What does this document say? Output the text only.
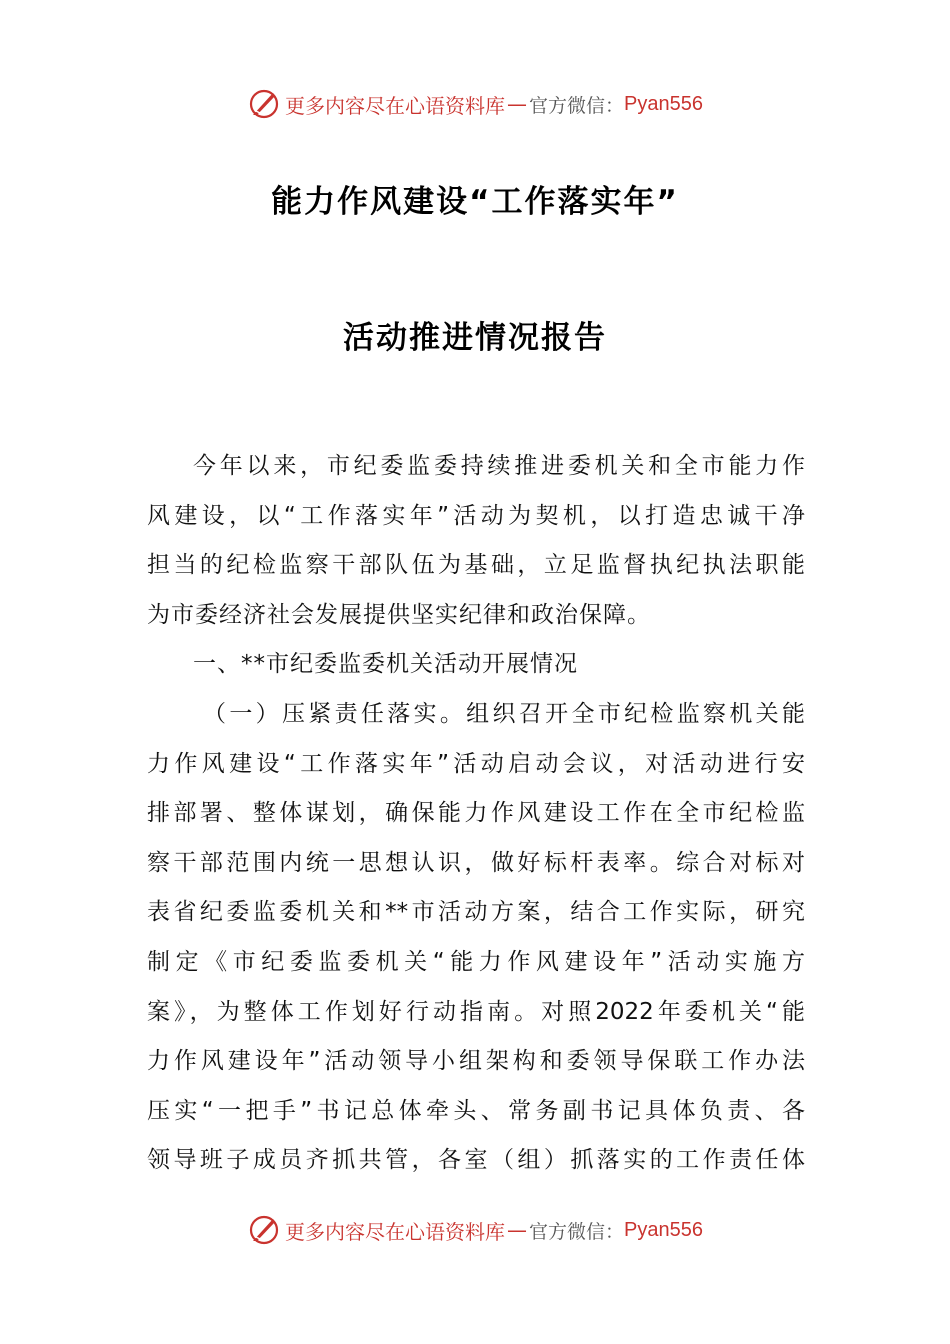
更多内容尽在心语资料库 — 官方微信： Pyan556
能力作风建设“工作落实年”
活动推进情况报告

今年以来，市纪委监委持续推进委机关和全市能力作
风建设，以“工作落实年”活动为契机，以打造忠诚干净
担当的纪检监察干部队伍为基础，立足监督执纪执法职能
为市委经济社会发展提供坚实纪律和政治保障。

一、**市纪委监委机关活动开展情况

（一）压紧责任落实。组织召开全市纪检监察机关能
力作风建设“工作落实年”活动启动会议，对活动进行安
排部署、整体谋划，确保能力作风建设工作在全市纪检监
察干部范围内统一思想认识，做好标杆表率。综合对标对
表省纪委监委机关和**市活动方案，结合工作实际，研究
制定《市纪委监委机关“能力作风建设年”活动实施方
案》，为整体工作划好行动指南。对照2022年委机关“能
力作风建设年”活动领导小组架构和委领导保联工作办法
压实“一把手”书记总体牵头、常务副书记具体负责、各
领导班子成员齐抓共管，各室（组）抓落实的工作责任体

更多内容尽在心语资料库 — 官方微信： Pyan556
